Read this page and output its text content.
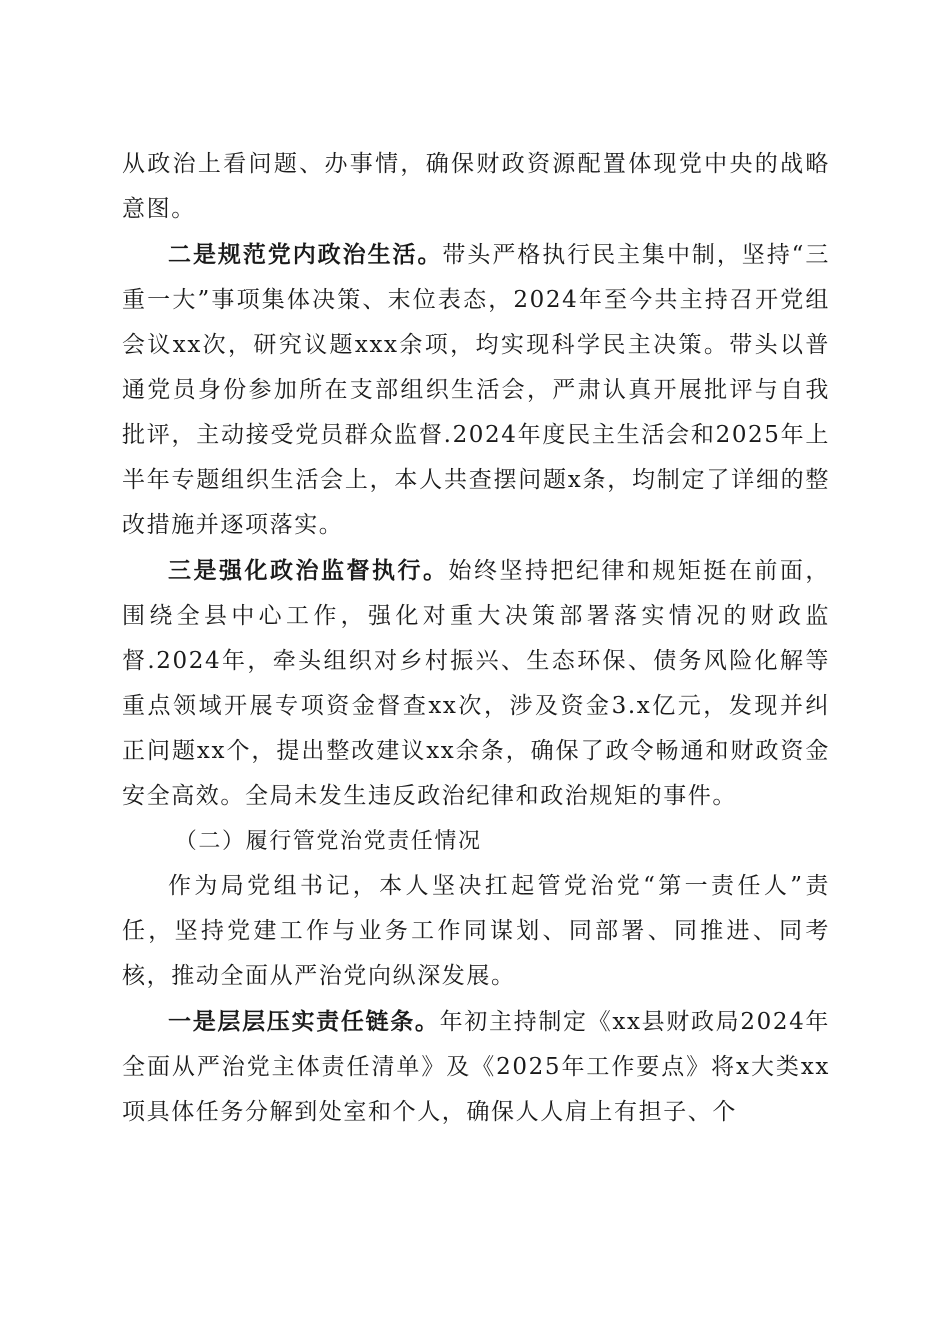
从政治上看问题、办事情，确保财政资源配置体现党中央的战略意图。

二是规范党内政治生活。带头严格执行民主集中制，坚持“三重一大”事项集体决策、末位表态，2024年至今共主持召开党组会议xx次，研究议题xxx余项，均实现科学民主决策。带头以普通党员身份参加所在支部组织生活会，严肃认真开展批评与自我批评，主动接受党员群众监督.2024年度民主生活会和2025年上半年专题组织生活会上，本人共查摆问题x条，均制定了详细的整改措施并逐项落实。

三是强化政治监督执行。始终坚持把纪律和规矩挺在前面，围绕全县中心工作，强化对重大决策部署落实情况的财政监督.2024年，牵头组织对乡村振兴、生态环保、债务风险化解等重点领域开展专项资金督查xx次，涉及资金3.x亿元，发现并纠正问题xx个，提出整改建议xx余条，确保了政令畅通和财政资金安全高效。全局未发生违反政治纪律和政治规矩的事件。

（二）履行管党治党责任情况

作为局党组书记，本人坚决扛起管党治党“第一责任人”责任，坚持党建工作与业务工作同谋划、同部署、同推进、同考核，推动全面从严治党向纵深发展。

一是层层压实责任链条。年初主持制定《xx县财政局2024年全面从严治党主体责任清单》及《2025年工作要点》将x大类xx项具体任务分解到处室和个人，确保人人肩上有担子、个
